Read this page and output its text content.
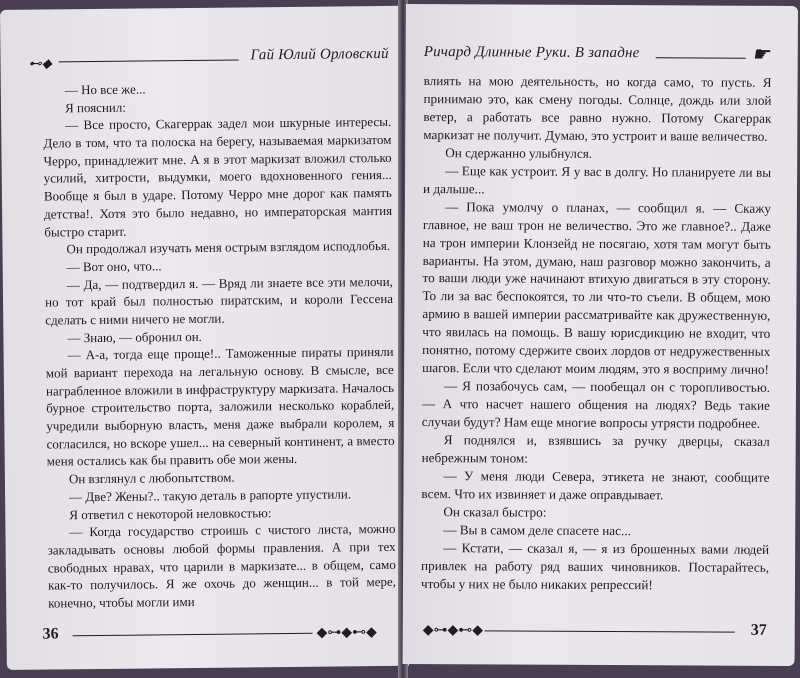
⊷◆	Гай Юлий Орловский

— Но все же...

Я пояснил:

— Все просто, Скагеррак задел мои шкурные интересы. Дело в том, что та полоска на берегу, называемая маркизатом Черро, принадлежит мне. А я в этот маркизат вложил столько усилий, хитрости, выдумки, моего вдохновенного гения... Вообще я был в ударе. Потому Черро мне дорог как память детства!. Хотя это было недавно, но императорская мантия быстро старит.

Он продолжал изучать меня острым взглядом исподлобья.

— Вот оно, что...

— Да, — подтвердил я. — Вряд ли знаете все эти мелочи, но тот край был полностью пиратским, и короли Гессена сделать с ними ничего не могли.

— Знаю, — обронил он.

— А-а, тогда еще проще!.. Таможенные пираты приняли мой вариант перехода на легальную основу. В смысле, все награбленное вложили в инфраструктуру маркизата. Началось бурное строительство порта, заложили несколько кораблей, учредили выборную власть, меня даже выбрали королем, я согласился, но вскоре ушел... на северный континент, а вместо меня остались как бы править обе мои жены.

Он взглянул с любопытством.

— Две? Жены?.. такую деталь в рапорте упустили.

Я ответил с некоторой неловкостью:

— Когда государство строишь с чистого листа, можно закладывать основы любой формы правления. А при тех свободных нравах, что царили в маркизате... в общем, само как-то получилось. Я же охочь до женщин... в той мере, конечно, чтобы могли ими

36	◆⊶◆⊷◆
Ричард Длинные Руки. В западне	☛

влиять на мою деятельность, но когда само, то пусть. Я принимаю это, как смену погоды. Солнце, дождь или злой ветер, а работать все равно нужно. Потому Скагеррак маркизат не получит. Думаю, это устроит и ваше величество.

Он сдержанно улыбнулся.

— Еще как устроит. Я у вас в долгу. Но планируете ли вы и дальше...

— Пока умолчу о планах, — сообщил я. — Скажу главное, не ваш трон не величество. Это же главное?.. Даже на трон империи Клонзейд не посягаю, хотя там могут быть варианты. На этом, думаю, наш разговор можно закончить, а то ваши люди уже начинают втихую двигаться в эту сторону. То ли за вас беспокоятся, то ли что-то съели. В общем, мою армию в вашей империи рассматривайте как дружественную, что явилась на помощь. В вашу юрисдикцию не входит, что понятно, потому сдержите своих лордов от недружественных шагов. Если что сделают моим людям, это я восприму лично!

— Я позабочусь сам, — пообещал он с торопливостью. — А что насчет нашего общения на людях? Ведь такие случаи будут? Нам еще многие вопросы утрясти подробнее.

Я поднялся и, взявшись за ручку дверцы, сказал небрежным тоном:

— У меня люди Севера, этикета не знают, сообщите всем. Что их извиняет и даже оправдывает.

Он сказал быстро:

— Вы в самом деле спасете нас...

— Кстати, — сказал я, — я из брошенных вами людей привлек на работу ряд ваших чиновников. Постарайтесь, чтобы у них не было никаких репрессий!

◆⊶◆⊷◆	37
